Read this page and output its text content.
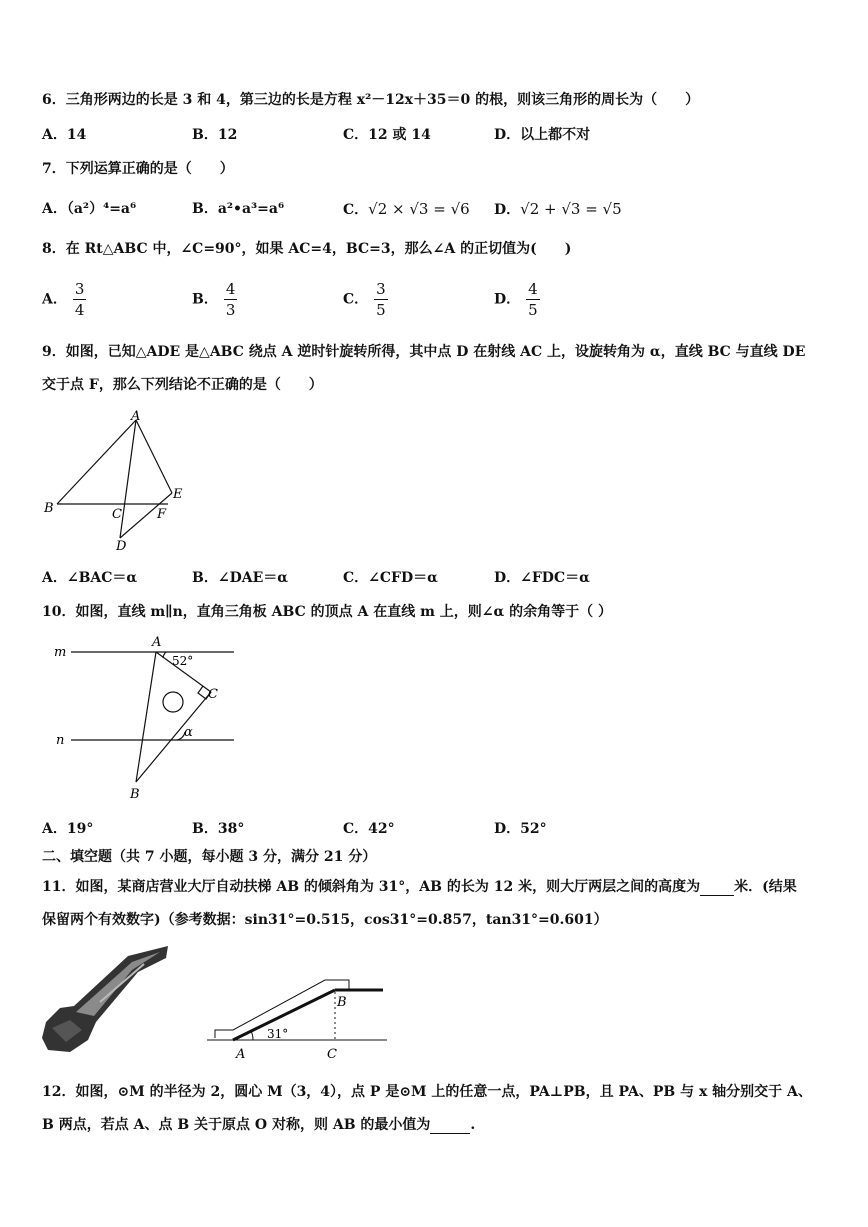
6．三角形两边的长是 3 和 4，第三边的长是方程 x²－12x＋35＝0 的根，则该三角形的周长为（　　）
A．14	B．12	C．12 或 14	D．以上都不对
7．下列运算正确的是（　　）
A．（a²）⁴=a⁶	B．a²•a³=a⁶	C．√2 × √3 = √6 D．√2 + √3 = √5
8．在 Rt△ABC 中，∠C=90°，如果 AC=4，BC=3，那么∠A 的正切值为(　　)
A． $\frac{3}{4}$	B． $\frac{4}{3}$	C． $\frac{3}{5}$	D． $\frac{4}{5}$
9．如图，已知△ADE 是△ABC 绕点 A 逆时针旋转所得，其中点 D 在射线 AC 上，设旋转角为 α，直线 BC 与直线 DE
交于点 F，那么下列结论不正确的是（　　）
A
B	C	F
E
D
A．∠BAC＝α	B．∠DAE＝α	C．∠CFD＝α	D．∠FDC＝α
10．如图，直线 m∥n，直角三角板 ABC 的顶点 A 在直线 m 上，则∠α 的余角等于（ ）
m
n
A
52°
C
α
B
A．19°	B．38°	C．42°	D．52°
二、填空题（共 7 小题，每小题 3 分，满分 21 分）
11．如图，某商店营业大厅自动扶梯 AB 的倾斜角为 31°，AB 的长为 12 米，则大厅两层之间的高度为 米．(结果
保留两个有效数字)（参考数据：sin31°=0.515，cos31°=0.857，tan31°=0.601）
B
31°
A	C
12．如图，⊙M 的半径为 2，圆心 M（3，4），点 P 是⊙M 上的任意一点，PA⊥PB，且 PA、PB 与 x 轴分别交于 A、
B 两点，若点 A、点 B 关于原点 O 对称，则 AB 的最小值为	.
